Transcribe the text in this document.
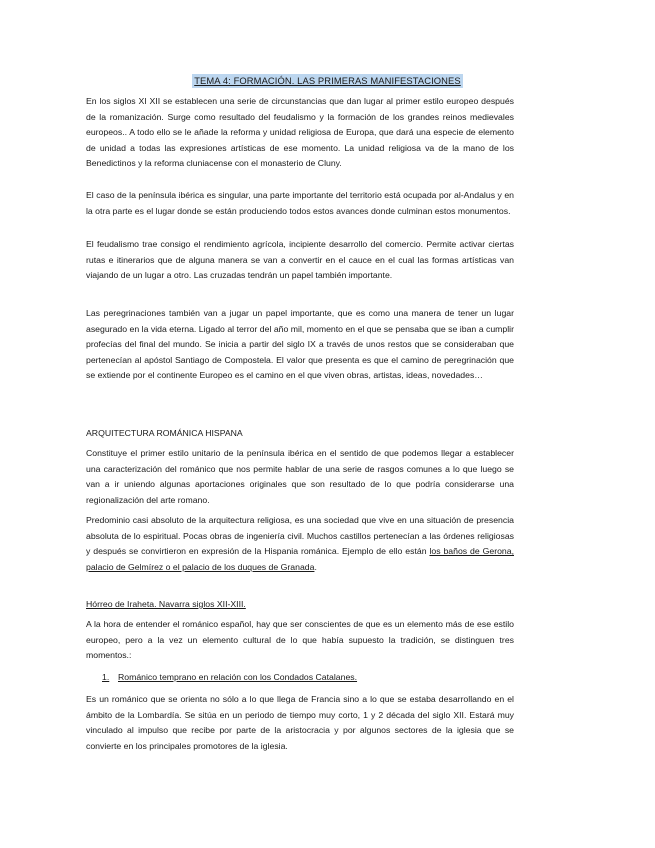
TEMA 4: FORMACIÓN. LAS PRIMERAS MANIFESTACIONES

En los siglos XI XII se establecen una serie de circunstancias que dan lugar al primer estilo europeo después de la romanización. Surge como resultado del feudalismo y la formación de los grandes reinos medievales europeos.. A todo ello se le añade la reforma y unidad religiosa de Europa, que dará una especie de elemento de unidad a todas las expresiones artísticas de ese momento. La unidad religiosa va de la mano de los Benedictinos y la reforma cluniacense con el monasterio de Cluny.

El caso de la península ibérica es singular, una parte importante del territorio está ocupada por al-Andalus y en la otra parte es el lugar donde se están produciendo todos estos avances donde culminan estos monumentos.

El feudalismo trae consigo el rendimiento agrícola, incipiente desarrollo del comercio. Permite activar ciertas rutas e itinerarios que de alguna manera se van a convertir en el cauce en el cual las formas artísticas van viajando de un lugar a otro. Las cruzadas tendrán un papel también importante.

Las peregrinaciones también van a jugar un papel importante, que es como una manera de tener un lugar asegurado en la vida eterna. Ligado al terror del año mil, momento en el que se pensaba que se iban a cumplir profecías del final del mundo. Se inicia a partir del siglo IX a través de unos restos que se consideraban que pertenecían al apóstol Santiago de Compostela. El valor que presenta es que el camino de peregrinación que se extiende por el continente Europeo es el camino en el que viven obras, artistas, ideas, novedades…

ARQUITECTURA ROMÁNICA HISPANA

Constituye el primer estilo unitario de la península ibérica en el sentido de que podemos llegar a establecer una caracterización del románico que nos permite hablar de una serie de rasgos comunes a lo que luego se van a ir uniendo algunas aportaciones originales que son resultado de lo que podría considerarse una regionalización del arte romano.

Predominio casi absoluto de la arquitectura religiosa, es una sociedad que vive en una situación de presencia absoluta de lo espiritual. Pocas obras de ingeniería civil. Muchos castillos pertenecían a las órdenes religiosas y después se convirtieron en expresión de la Hispania románica. Ejemplo de ello están los baños de Gerona, palacio de Gelmírez o el palacio de los duques de Granada.

Hórreo de Iraheta. Navarra siglos XII-XIII.

A la hora de entender el románico español, hay que ser conscientes de que es un elemento más de ese estilo europeo, pero a la vez un elemento cultural de lo que había supuesto la tradición, se distinguen tres momentos.:

1. Románico temprano en relación con los Condados Catalanes.

Es un románico que se orienta no sólo a lo que llega de Francia sino a lo que se estaba desarrollando en el ámbito de la Lombardía. Se sitúa en un periodo de tiempo muy corto, 1 y 2 década del siglo XII. Estará muy vinculado al impulso que recibe por parte de la aristocracia y por algunos sectores de la iglesia que se convierte en los principales promotores de la iglesia.
